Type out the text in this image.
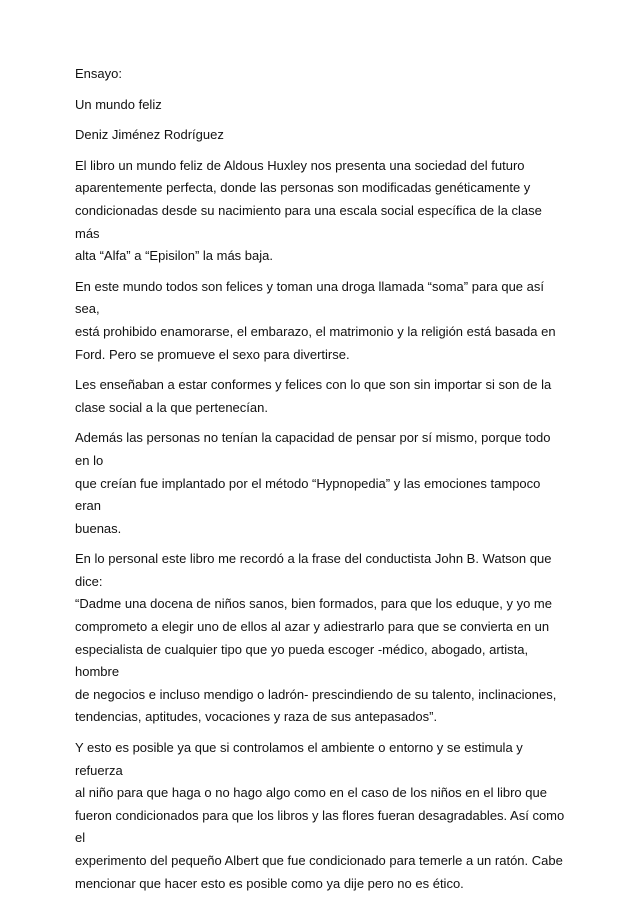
Ensayo:

Un mundo feliz

Deniz Jiménez Rodríguez

El libro un mundo feliz de Aldous Huxley nos presenta una sociedad del futuro
aparentemente perfecta, donde las personas son modificadas genéticamente y
condicionadas desde su nacimiento para una escala social específica de la clase más
alta “Alfa” a “Episilon” la más baja.

En este mundo todos son felices y toman una droga llamada “soma” para que así sea,
está prohibido enamorarse, el embarazo, el matrimonio y la religión está basada en
Ford. Pero se promueve el sexo para divertirse.

Les enseñaban a estar conformes y felices con lo que son sin importar si son de la
clase social a la que pertenecían.

Además las personas no tenían la capacidad de pensar por sí mismo, porque todo en lo
que creían fue implantado por el método “Hypnopedia” y las emociones tampoco eran
buenas.

En lo personal este libro me recordó a la frase del conductista John B. Watson que dice:
“Dadme una docena de niños sanos, bien formados, para que los eduque, y yo me
comprometo a elegir uno de ellos al azar y adiestrarlo para que se convierta en un
especialista de cualquier tipo que yo pueda escoger -médico, abogado, artista, hombre
de negocios e incluso mendigo o ladrón- prescindiendo de su talento, inclinaciones,
tendencias, aptitudes, vocaciones y raza de sus antepasados”.

Y esto es posible ya que si controlamos el ambiente o entorno y se estimula y refuerza
al niño para que haga o no hago algo como en el caso de los niños en el libro que
fueron condicionados para que los libros y las flores fueran desagradables. Así como el
experimento del pequeño Albert que fue condicionado para temerle a un ratón. Cabe
mencionar que hacer esto es posible como ya dije pero no es ético.
